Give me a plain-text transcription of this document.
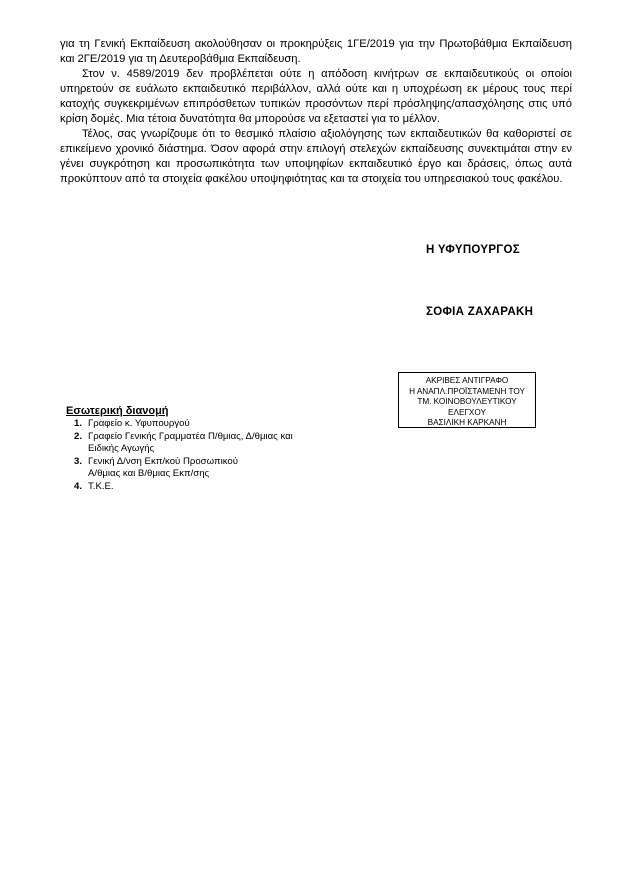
για τη Γενική Εκπαίδευση ακολούθησαν οι προκηρύξεις 1ΓΕ/2019 για την Πρωτοβάθμια Εκπαίδευση και 2ΓΕ/2019 για τη Δευτεροβάθμια Εκπαίδευση.

Στον ν. 4589/2019 δεν προβλέπεται ούτε η απόδοση κινήτρων σε εκπαιδευτικούς οι οποίοι υπηρετούν σε ευάλωτο εκπαιδευτικό περιβάλλον, αλλά ούτε και η υποχρέωση εκ μέρους τους περί κατοχής συγκεκριμένων επιπρόσθετων τυπικών προσόντων περί πρόσληψης/απασχόλησης στις υπό κρίση δομές. Μια τέτοια δυνατότητα θα μπορούσε να εξεταστεί για το μέλλον.

Τέλος, σας γνωρίζουμε ότι το θεσμικό πλαίσιο αξιολόγησης των εκπαιδευτικών θα καθοριστεί σε επικείμενο χρονικό διάστημα. Όσον αφορά στην επιλογή στελεχών εκπαίδευσης συνεκτιμάται στην εν γένει συγκρότηση και προσωπικότητα των υποψηφίων εκπαιδευτικό έργο και δράσεις, όπως αυτά προκύπτουν από τα στοιχεία φακέλου υποψηφιότητας και τα στοιχεία του υπηρεσιακού τους φακέλου.

Η ΥΦΥΠΟΥΡΓΟΣ
ΣΟΦΙΑ ΖΑΧΑΡΑΚΗ
ΑΚΡΙΒΕΣ ΑΝΤΙΓΡΑΦΟ
Η ΑΝΑΠΛ.ΠΡΟΪΣΤΑΜΕΝΗ ΤΟΥ
ΤΜ. ΚΟΙΝΟΒΟΥΛΕΥΤΙΚΟΥ
ΕΛΕΓΧΟΥ
ΒΑΣΙΛΙΚΗ ΚΑΡΚΑΝΗ
Εσωτερική διανομή
1. Γραφείο κ. Υφυπουργού
2. Γραφείο Γενικής Γραμματέα Π/θμιας, Δ/θμιας και
Ειδικής Αγωγής
3. Γενική Δ/νση Εκπ/κού Προσωπικού
Α/θμιας και Β/θμιας Εκπ/σης
4. Τ.Κ.Ε.
